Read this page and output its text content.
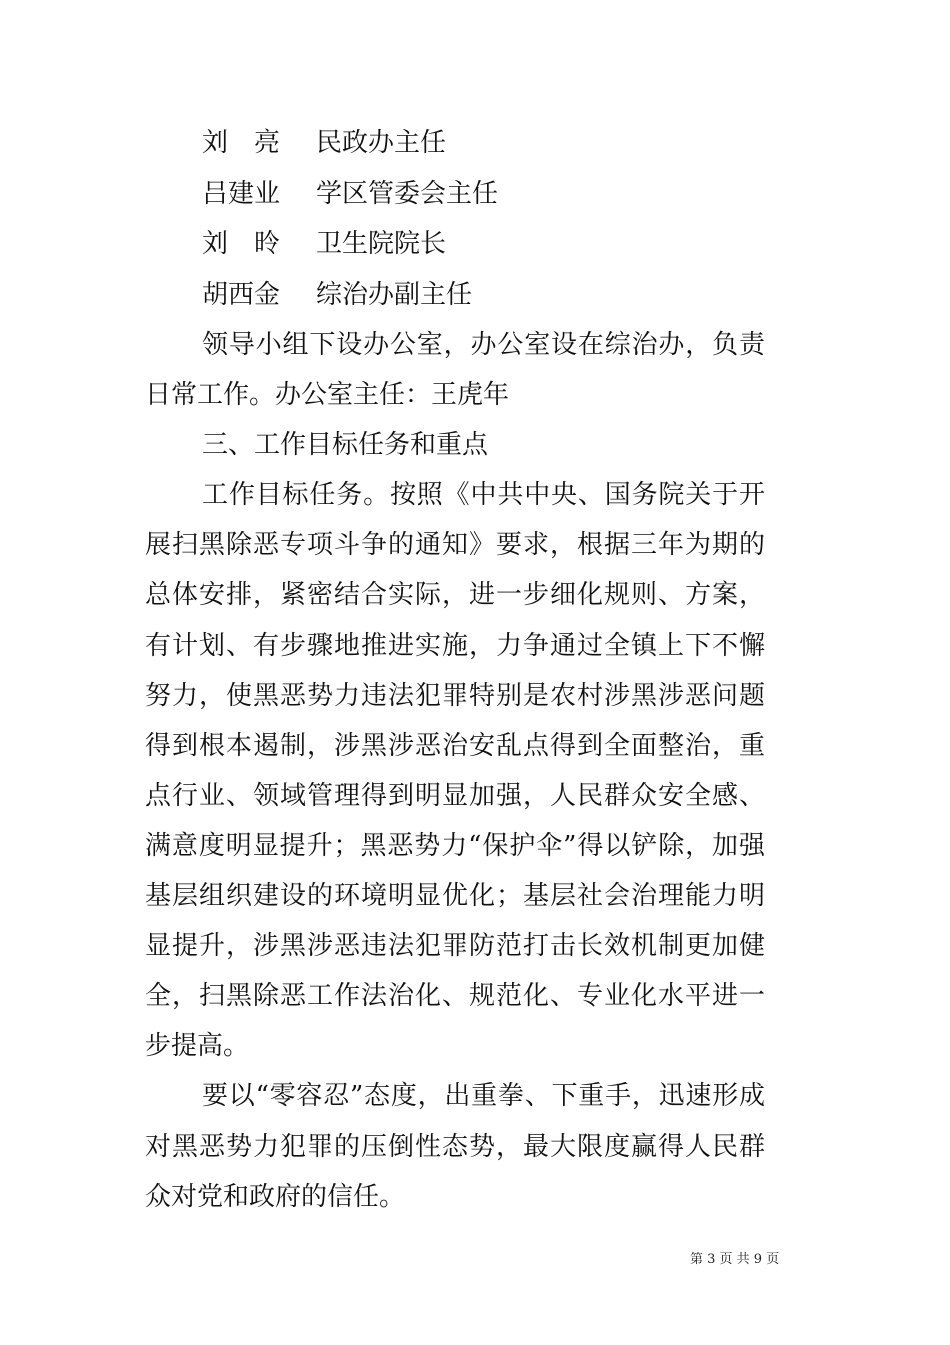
刘　亮	民政办主任
吕建业	学区管委会主任
刘　昤	卫生院院长
胡西金	综治办副主任

领导小组下设办公室，办公室设在综治办，负责日常工作。办公室主任：王虎年

三、工作目标任务和重点

工作目标任务。按照《中共中央、国务院关于开展扫黑除恶专项斗争的通知》要求，根据三年为期的总体安排，紧密结合实际，进一步细化规则、方案，有计划、有步骤地推进实施，力争通过全镇上下不懈努力，使黑恶势力违法犯罪特别是农村涉黑涉恶问题得到根本遏制，涉黑涉恶治安乱点得到全面整治，重点行业、领域管理得到明显加强，人民群众安全感、满意度明显提升；黑恶势力“保护伞”得以铲除，加强基层组织建设的环境明显优化；基层社会治理能力明显提升，涉黑涉恶违法犯罪防范打击长效机制更加健全，扫黑除恶工作法治化、规范化、专业化水平进一步提高。

要以“零容忍”态度，出重拳、下重手，迅速形成对黑恶势力犯罪的压倒性态势，最大限度赢得人民群众对党和政府的信任。

第 3 页 共 9 页
